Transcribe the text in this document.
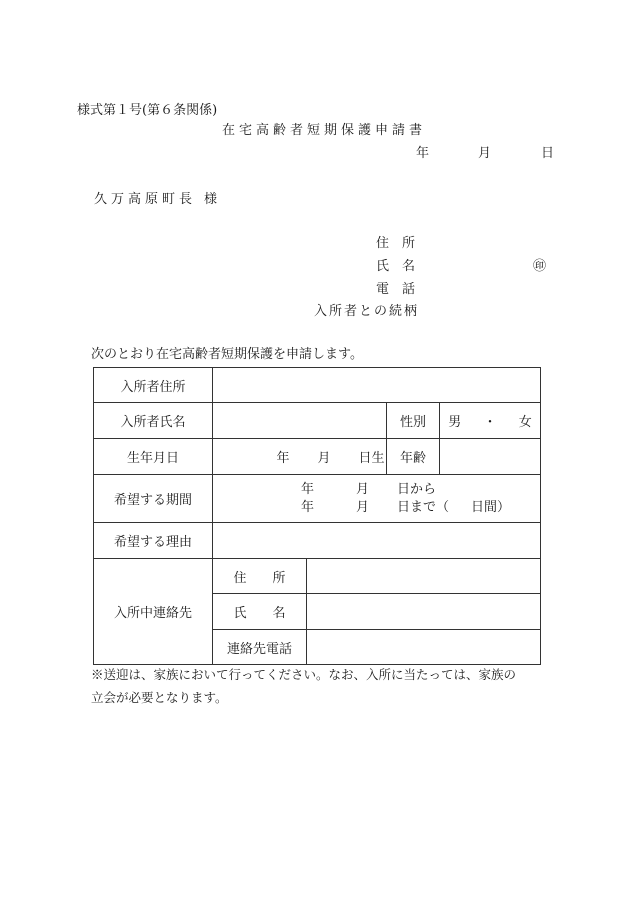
様式第１号(第６条関係)
在宅高齢者短期保護申請書
年	月	日
久万高原町長 様
住　所
氏　名	㊞
電　話
入所者との続柄
次のとおり在宅高齢者短期保護を申請します。
入所者住所				
入所者氏名			性別	男 ・ 女
生年月日	年 月 日生		年齢	
希望する期間	年 月 日から
年 月 日まで（ 日間）			

希望する理由				
入所中連絡先	住　　所			
	氏　　名			
	連絡先電話			
※送迎は、家族において行ってください。なお、入所に当たっては、家族の
立会が必要となります。
